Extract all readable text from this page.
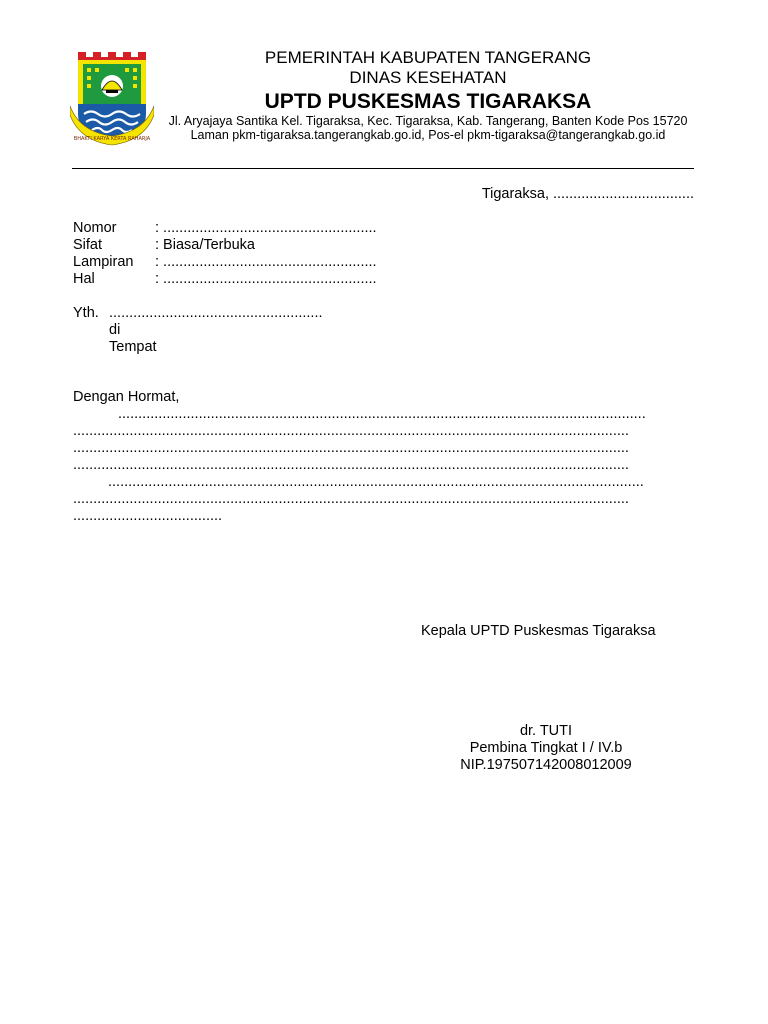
BHAKTI KARYA KERTA RAHARJA
PEMERINTAH KABUPATEN TANGERANG
DINAS KESEHATAN
UPTD PUSKESMAS TIGARAKSA
Jl. Aryajaya Santika Kel. Tigaraksa, Kec. Tigaraksa, Kab. Tangerang, Banten Kode Pos 15720
Laman pkm-tigaraksa.tangerangkab.go.id, Pos-el pkm-tigaraksa@tangerangkab.go.id
Tigaraksa, ...................................
Nomor	: .....................................................
Sifat	: Biasa/Terbuka
Lampiran : .....................................................
Hal	: .....................................................
Yth. .....................................................
di
Tempat
Dengan Hormat,
...................................................................................................................................
..........................................................................................................................................
..........................................................................................................................................
..........................................................................................................................................
.....................................................................................................................................
..........................................................................................................................................
.....................................
Kepala UPTD Puskesmas Tigaraksa
dr. TUTI
Pembina Tingkat I / IV.b
NIP.197507142008012009
